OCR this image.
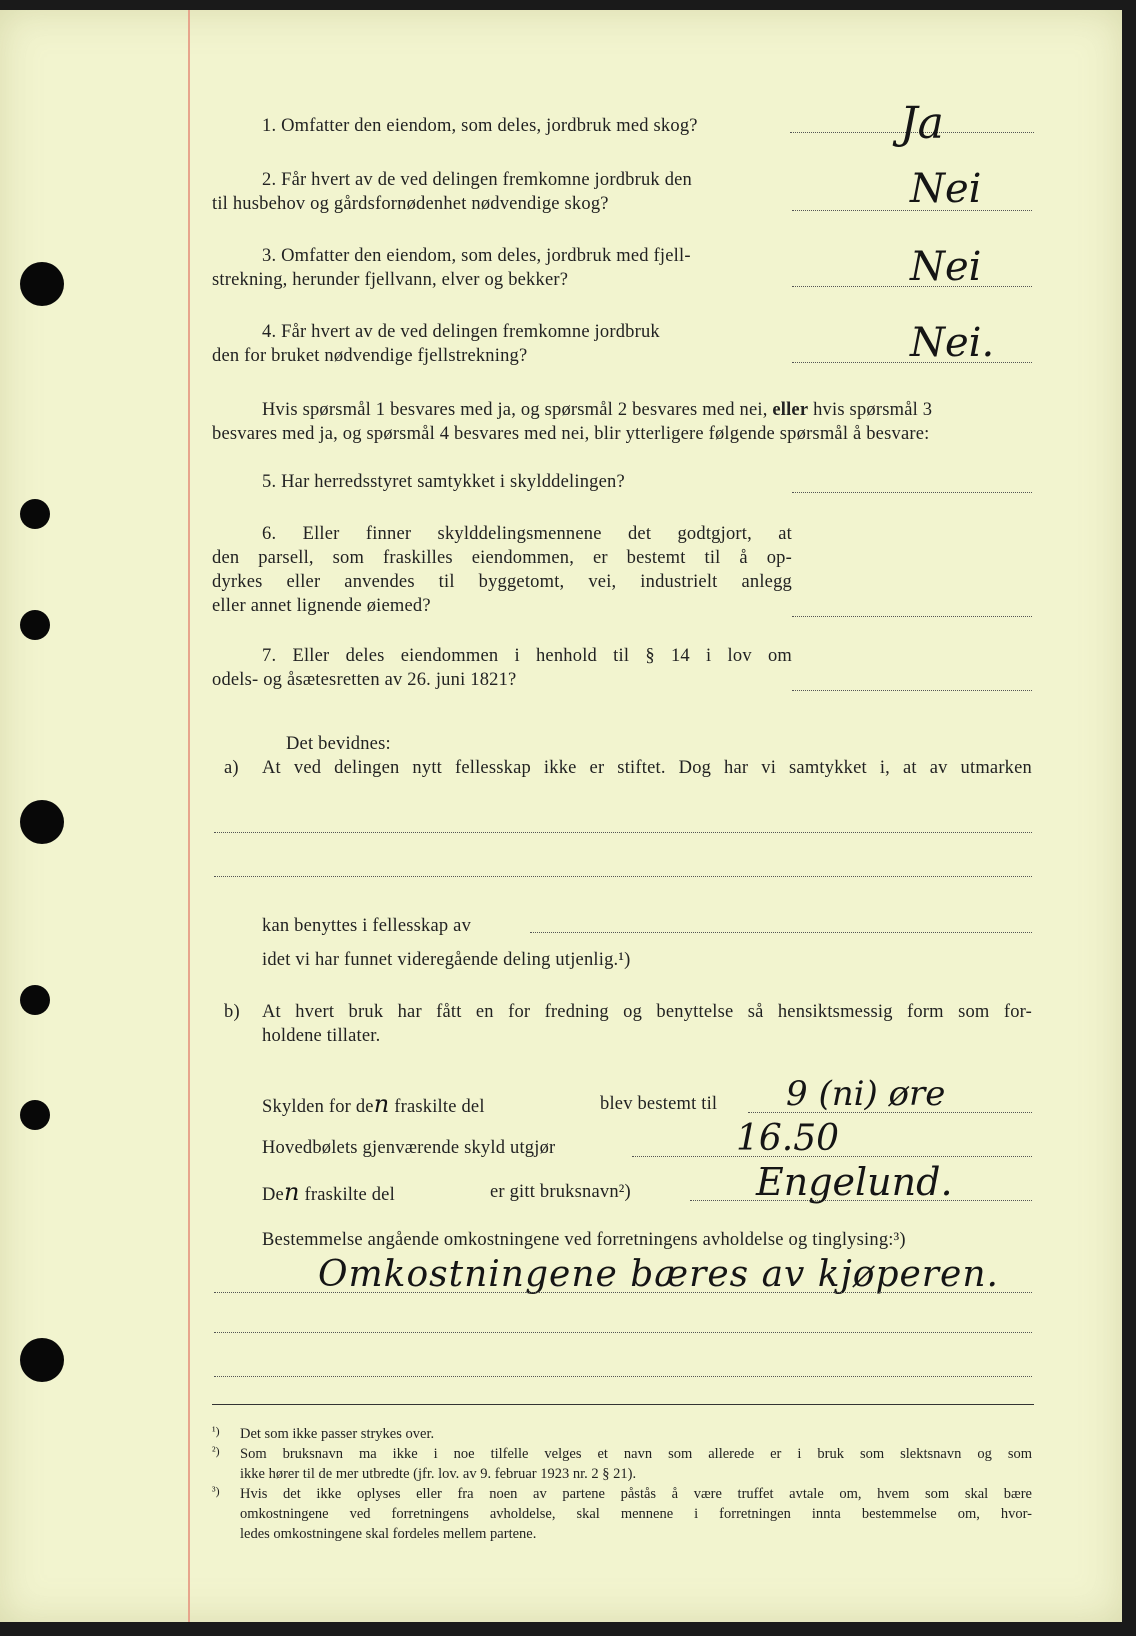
1. Omfatter den eiendom, som deles, jordbruk med skog?	Ja
2. Får hvert av de ved delingen fremkomne jordbruk den
til husbehov og gårdsfornødenhet nødvendige skog?	Nei
3. Omfatter den eiendom, som deles, jordbruk med fjell-
strekning, herunder fjellvann, elver og bekker?	Nei
4. Får hvert av de ved delingen fremkomne jordbruk
den for bruket nødvendige fjellstrekning?	Nei.
Hvis spørsmål 1 besvares med ja, og spørsmål 2 besvares med nei, eller hvis spørsmål 3
besvares med ja, og spørsmål 4 besvares med nei, blir ytterligere følgende spørsmål å besvare:
5. Har herredsstyret samtykket i skylddelingen?
6. Eller finner skylddelingsmennene det godtgjort, at
den parsell, som fraskilles eiendommen, er bestemt til å op-
dyrkes eller anvendes til byggetomt, vei, industrielt anlegg
eller annet lignende øiemed?
7. Eller deles eiendommen i henhold til § 14 i lov om
odels- og åsætesretten av 26. juni 1821?
Det bevidnes:
a) At ved delingen nytt fellesskap ikke er stiftet. Dog har vi samtykket i, at av utmarken
kan benyttes i fellesskap av
idet vi har funnet videregående deling utjenlig.¹)
b) At hvert bruk har fått en for fredning og benyttelse så hensiktsmessig form som for-
holdene tillater.
Skylden for den fraskilte del	blev bestemt til 9 (ni) øre
Hovedbølets gjenværende skyld utgjør	16.50
Den fraskilte del	er gitt bruksnavn²)	Engelund.
Bestemmelse angående omkostningene ved forretningens avholdelse og tinglysing:³)
Omkostningene bæres av kjøperen.
¹) Det som ikke passer strykes over.
²) Som bruksnavn ma ikke i noe tilfelle velges et navn som allerede er i bruk som slektsnavn og som
ikke hører til de mer utbredte (jfr. lov. av 9. februar 1923 nr. 2 § 21).
³) Hvis det ikke oplyses eller fra noen av partene påstås å være truffet avtale om, hvem som skal bære
omkostningene ved forretningens avholdelse, skal mennene i forretningen innta bestemmelse om, hvor-
ledes omkostningene skal fordeles mellem partene.
